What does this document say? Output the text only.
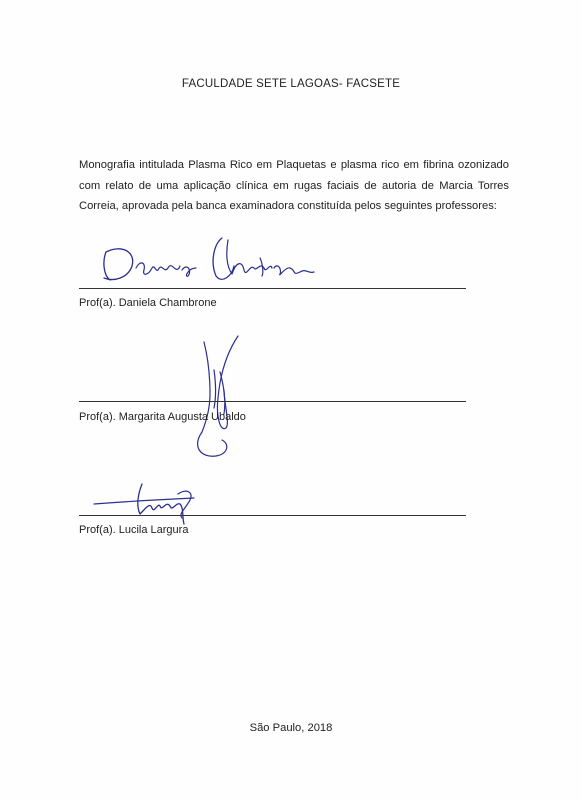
FACULDADE SETE LAGOAS- FACSETE
Monografia intitulada Plasma Rico em Plaquetas e plasma rico em fibrina ozonizado com relato de uma aplicação clínica em rugas faciais de autoria de Marcia Torres Correia, aprovada pela banca examinadora constituída pelos seguintes professores:
Prof(a). Daniela Chambrone
Prof(a). Margarita Augusta Ubaldo
Prof(a). Lucila Largura
São Paulo, 2018
